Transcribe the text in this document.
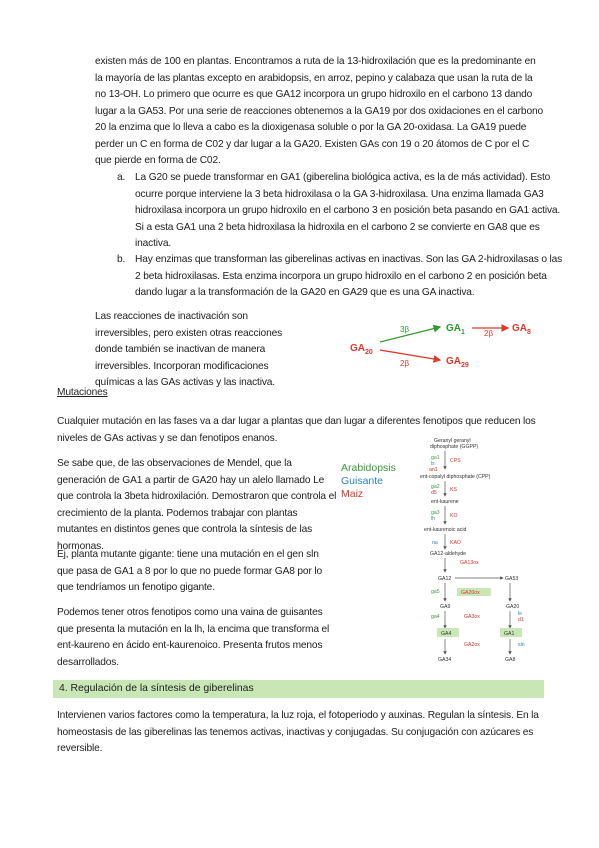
existen más de 100 en plantas. Encontramos a ruta de la 13-hidroxilación que es la predominante en la mayoría de las plantas excepto en arabidopsis, en arroz, pepino y calabaza que usan la ruta de la no 13-OH. Lo primero que ocurre es que GA12 incorpora un grupo hidroxilo en el carbono 13 dando lugar a la GA53. Por una serie de reacciones obtenemos a la GA19 por dos oxidaciones en el carbono 20 la enzima que lo lleva a cabo es la dioxigenasa soluble o por la GA 20-oxidasa. La GA19 puede perder un C en forma de C02 y dar lugar a la GA20. Existen GAs con 19 o 20 átomos de C por el C que pierde en forma de C02.
a. La G20 se puede transformar en GA1 (giberelina biológica activa, es la de más actividad). Esto ocurre porque interviene la 3 beta hidroxilasa o la GA 3-hidroxilasa. Una enzima llamada GA3 hidroxilasa incorpora un grupo hidroxilo en el carbono 3 en posición beta pasando en GA1 activa. Si a esta GA1 una 2 beta hidroxilasa la hidroxila en el carbono 2 se convierte en GA8 que es inactiva.
b. Hay enzimas que transforman las giberelinas activas en inactivas. Son las GA 2-hidroxilasas o las 2 beta hidroxilasas. Esta enzima incorpora un grupo hidroxilo en el carbono 2 en posición beta dando lugar a la transformación de la GA20 en GA29 que es una GA inactiva.
Las reacciones de inactivación son irreversibles, pero existen otras reacciones donde también se inactivan de manera irreversibles. Incorporan modificaciones químicas a las GAs activas y las inactiva.
$GA_{20}$
3β	$GA_1$ 2β $GA_8$
2β	$GA_{29}$
Mutaciones
Cualquier mutación en las fases va a dar lugar a plantas que dan lugar a diferentes fenotipos que reducen los niveles de GAs activas y se dan fenotipos enanos.
Se sabe que, de las observaciones de Mendel, que la generación de GA1 a partir de GA20 hay un alelo llamado Le que controla la 3beta hidroxilación. Demostraron que controla el crecimiento de la planta. Podemos trabajar con plantas mutantes en distintos genes que controla la síntesis de las hormonas.
Ej, planta mutante gigante: tiene una mutación en el gen sln que pasa de GA1 a 8 por lo que no puede formar GA8 por lo que tendríamos un fenotipo gigante.
Podemos tener otros fenotipos como una vaina de guisantes que presenta la mutación en la lh, la encima que transforma el ent-kaureno en ácido ent-kaurenoico. Presenta frutos menos desarrollados.
Arabidopsis
Guisante
Maiz
Geranyl geranyl
diphosphate (GGPP)
ga1
ls
an1
CPS
ent-copalyl diphosphate (CPP)
ga2
d5	KS
ent-kaurene
ga3
lh	KO
ent-kaurenoic acid
na KAO
GA12-aldehyde
GA13ox
GA12	GA53
GA20ox
ga5
GA9	GA20
ga4	GA3ox	le
d1
GA4	GA1
GA2ox	sln
GA34	GA8
4. Regulación de la síntesis de giberelinas
Intervienen varios factores como la temperatura, la luz roja, el fotoperiodo y auxinas. Regulan la síntesis. En la homeostasis de las giberelinas las tenemos activas, inactivas y conjugadas. Su conjugación con azúcares es reversible.
